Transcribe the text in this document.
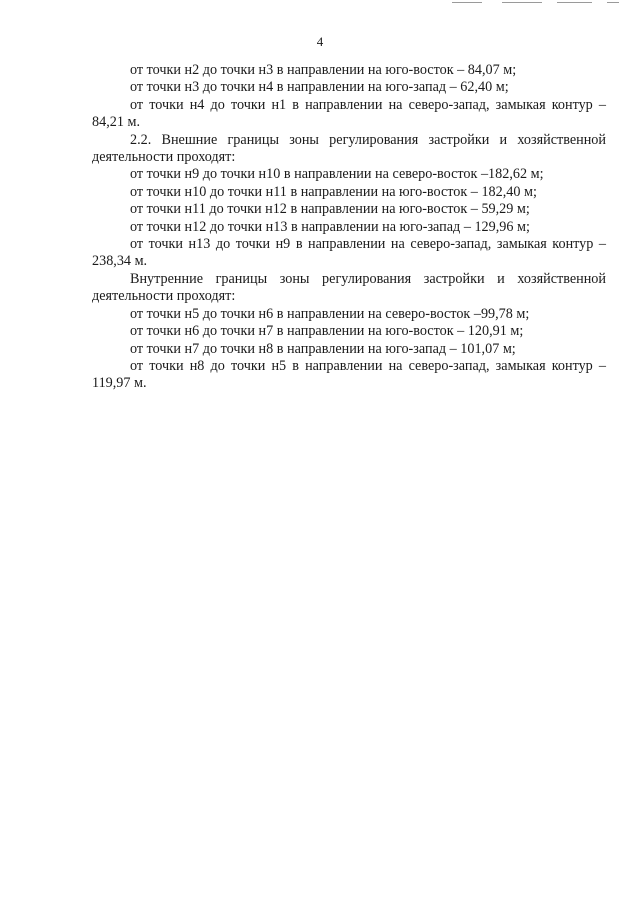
4

от точки н2 до точки н3 в направлении на юго-восток – 84,07 м;

от точки н3 до точки н4 в направлении на юго-запад – 62,40 м;

от точки н4 до точки н1 в направлении на северо-запад, замыкая контур – 84,21 м.

2.2. Внешние границы зоны регулирования застройки и хозяйственной деятельности проходят:

от точки н9 до точки н10 в направлении на северо-восток –182,62 м;

от точки н10 до точки н11 в направлении на юго-восток – 182,40 м;

от точки н11 до точки н12 в направлении на юго-восток – 59,29 м;

от точки н12 до точки н13 в направлении на юго-запад – 129,96 м;

от точки н13 до точки н9 в направлении на северо-запад, замыкая контур – 238,34 м.

Внутренние границы зоны регулирования застройки и хозяйственной деятельности проходят:

от точки н5 до точки н6 в направлении на северо-восток –99,78 м;

от точки н6 до точки н7 в направлении на юго-восток – 120,91 м;

от точки н7 до точки н8 в направлении на юго-запад – 101,07 м;

от точки н8 до точки н5 в направлении на северо-запад, замыкая контур – 119,97 м.
